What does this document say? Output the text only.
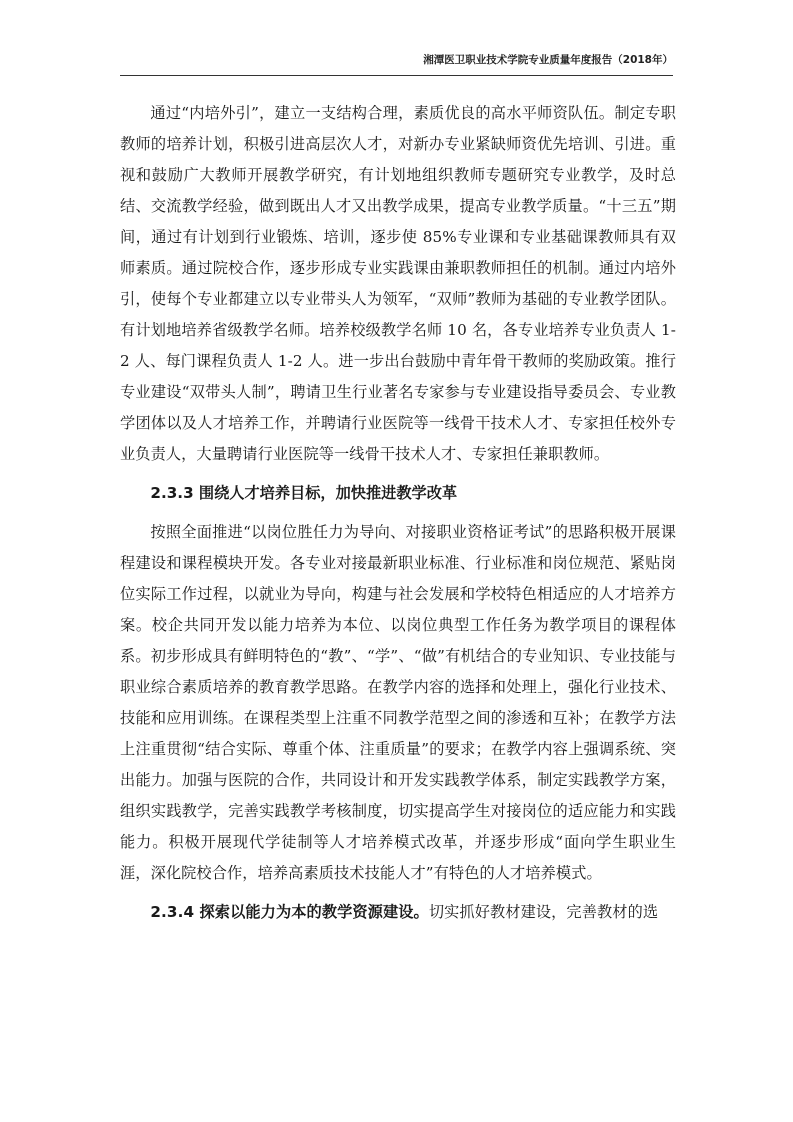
湘潭医卫职业技术学院专业质量年度报告（2018年）

通过“内培外引”，建立一支结构合理，素质优良的高水平师资队伍。制定专职教师的培养计划，积极引进高层次人才，对新办专业紧缺师资优先培训、引进。重视和鼓励广大教师开展教学研究，有计划地组织教师专题研究专业教学，及时总结、交流教学经验，做到既出人才又出教学成果，提高专业教学质量。“十三五”期间，通过有计划到行业锻炼、培训，逐步使 85%专业课和专业基础课教师具有双师素质。通过院校合作，逐步形成专业实践课由兼职教师担任的机制。通过内培外引，使每个专业都建立以专业带头人为领军，“双师”教师为基础的专业教学团队。有计划地培养省级教学名师。培养校级教学名师 10 名，各专业培养专业负责人 1-2 人、每门课程负责人 1-2 人。进一步出台鼓励中青年骨干教师的奖励政策。推行专业建设“双带头人制”，聘请卫生行业著名专家参与专业建设指导委员会、专业教学团体以及人才培养工作，并聘请行业医院等一线骨干技术人才、专家担任校外专业负责人，大量聘请行业医院等一线骨干技术人才、专家担任兼职教师。

2.3.3 围绕人才培养目标，加快推进教学改革

按照全面推进“以岗位胜任力为导向、对接职业资格证考试”的思路积极开展课程建设和课程模块开发。各专业对接最新职业标准、行业标准和岗位规范、紧贴岗位实际工作过程，以就业为导向，构建与社会发展和学校特色相适应的人才培养方案。校企共同开发以能力培养为本位、以岗位典型工作任务为教学项目的课程体系。初步形成具有鲜明特色的“教”、“学”、“做”有机结合的专业知识、专业技能与职业综合素质培养的教育教学思路。在教学内容的选择和处理上，强化行业技术、技能和应用训练。在课程类型上注重不同教学范型之间的渗透和互补；在教学方法上注重贯彻“结合实际、尊重个体、注重质量”的要求；在教学内容上强调系统、突出能力。加强与医院的合作，共同设计和开发实践教学体系，制定实践教学方案，组织实践教学，完善实践教学考核制度，切实提高学生对接岗位的适应能力和实践能力。积极开展现代学徒制等人才培养模式改革，并逐步形成“面向学生职业生涯，深化院校合作，培养高素质技术技能人才”有特色的人才培养模式。

2.3.4 探索以能力为本的教学资源建设。切实抓好教材建设，完善教材的选
